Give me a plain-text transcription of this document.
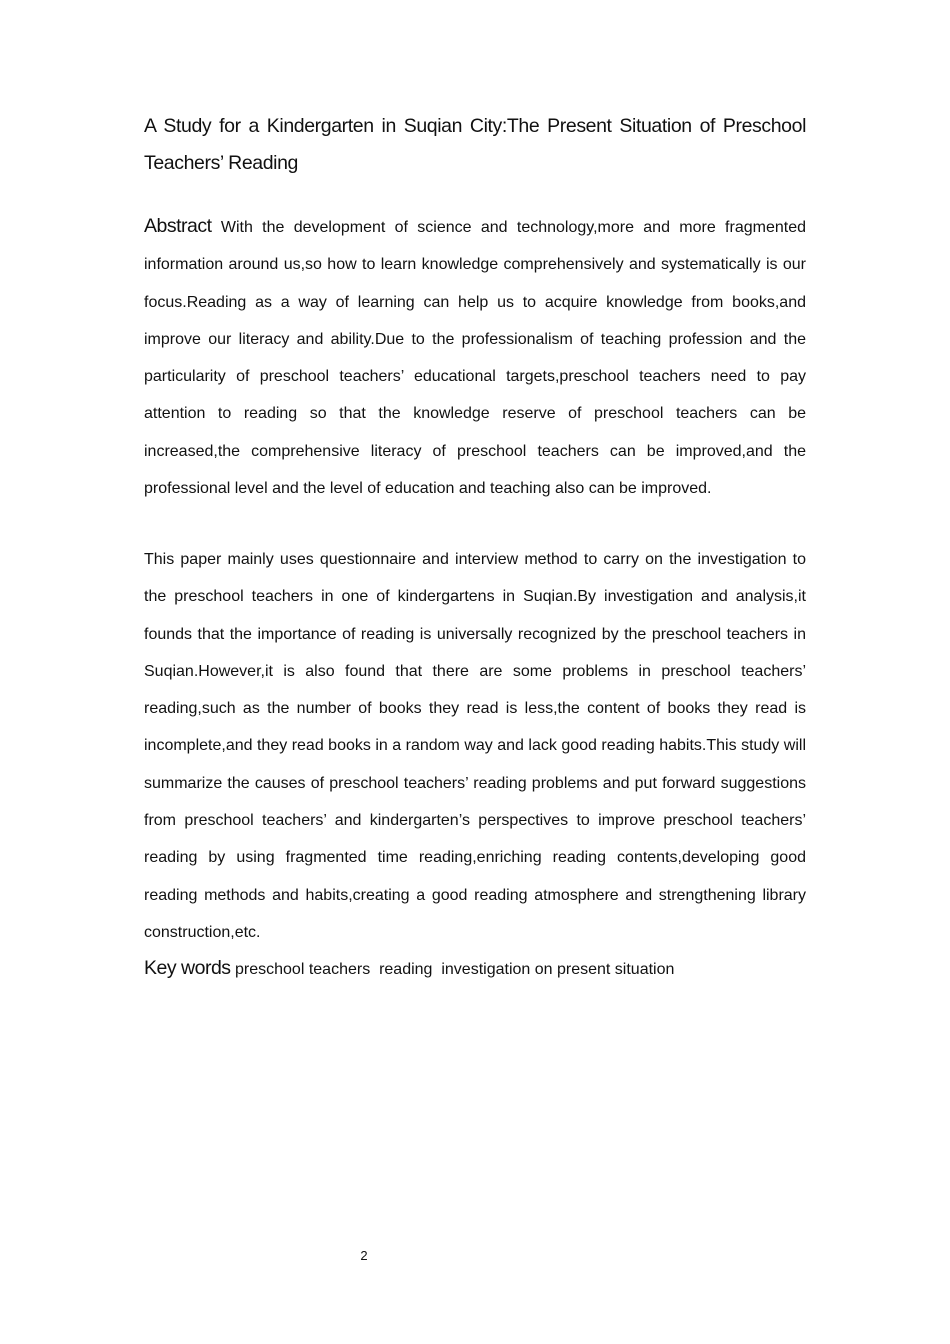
A Study for a Kindergarten in Suqian City:The Present Situation of Preschool Teachers’ Reading

Abstract With the development of science and technology,more and more fragmented information around us,so how to learn knowledge comprehensively and systematically is our focus.Reading as a way of learning can help us to acquire knowledge from books,and improve our literacy and ability.Due to the professionalism of teaching profession and the particularity of preschool teachers’ educational targets,preschool teachers need to pay attention to reading so that the knowledge reserve of preschool teachers can be increased,the comprehensive literacy of preschool teachers can be improved,and the professional level and the level of education and teaching also can be improved.

This paper mainly uses questionnaire and interview method to carry on the investigation to the preschool teachers in one of kindergartens in Suqian.By investigation and analysis,it founds that the importance of reading is universally recognized by the preschool teachers in Suqian.However,it is also found that there are some problems in preschool teachers’ reading,such as the number of books they read is less,the content of books they read is incomplete,and they read books in a random way and lack good reading habits.This study will summarize the causes of preschool teachers’ reading problems and put forward suggestions from preschool teachers’ and kindergarten’s perspectives to improve preschool teachers’ reading by using fragmented time reading,enriching reading contents,developing good reading methods and habits,creating a good reading atmosphere and strengthening library construction,etc.

Key words preschool teachers  reading  investigation on present situation

2
